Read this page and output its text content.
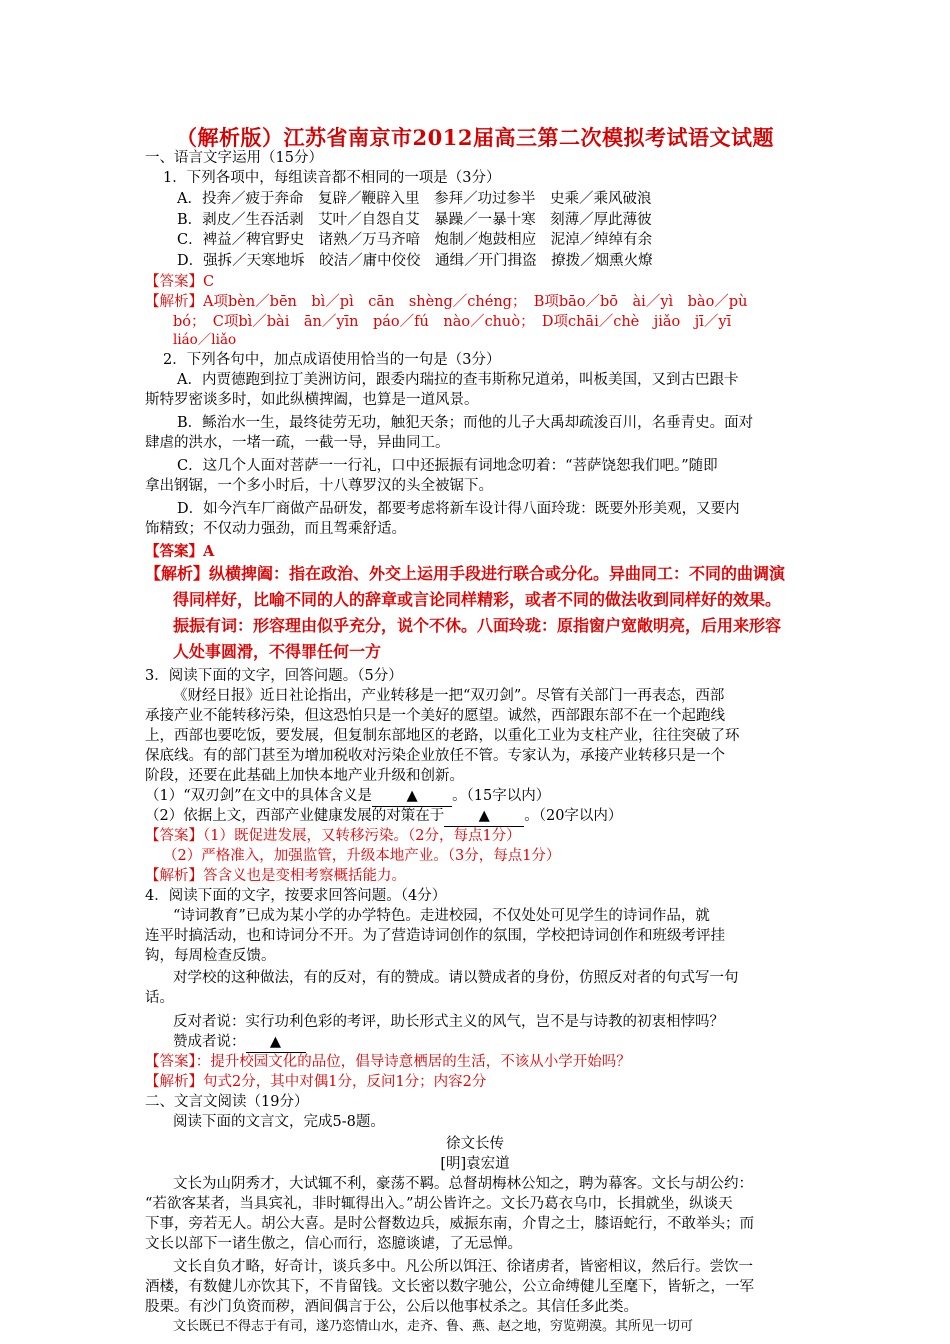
（解析版）江苏省南京市2012届高三第二次模拟考试语文试题
一、语言文字运用（15分）
1．下列各项中，每组读音都不相同的一项是（3分）
A．投奔／疲于奔命　复辟／鞭辟入里　参拜／功过参半　史乘／乘风破浪
B．剥皮／生吞活剥　艾叶／自怨自艾　暴躁／一暴十寒　刻薄／厚此薄彼
C．裨益／稗官野史　诸熟／万马齐喑　炮制／炮鼓相应　泥淖／绰绰有余
D．强拆／天寒地坼　皎洁／庸中佼佼　通缉／开门揖盗　撩拨／烟熏火燎
【答案】C
【解析】A项bèn／bēn　bì／pì　cān　shèng／chéng；　B项bāo／bō　ài／yì　bào／pù
bó；　C项bì／bài　ān／yīn　páo／fú　nào／chuò；　D项chāi／chè　jiǎo　jī／yī
liáo／liǎo
2．下列各句中，加点成语使用恰当的一句是（3分）
A．内贾德跑到拉丁美洲访问，跟委内瑞拉的查韦斯称兄道弟，叫板美国，又到古巴跟卡
斯特罗密谈多时，如此纵横捭阖，也算是一道风景。
B．鲧治水一生，最终徒劳无功，触犯天条；而他的儿子大禹却疏浚百川，名垂青史。面对
肆虐的洪水，一堵一疏，一截一导，异曲同工。
C．这几个人面对菩萨一一行礼，口中还振振有词地念叨着：“菩萨饶恕我们吧。”随即
拿出钢锯，一个多小时后，十八尊罗汉的头全被锯下。
D．如今汽车厂商做产品研发，都要考虑将新车设计得八面玲珑：既要外形美观，又要内
饰精致；不仅动力强劲，而且驾乘舒适。
【答案】A
【解析】纵横捭阖：指在政治、外交上运用手段进行联合或分化。异曲同工：不同的曲调演
得同样好，比喻不同的人的辞章或言论同样精彩，或者不同的做法收到同样好的效果。
振振有词：形容理由似乎充分，说个不休。八面玲珑：原指窗户宽敞明亮，后用来形容
人处事圆滑，不得罪任何一方
3．阅读下面的文字，回答问题。（5分）
《财经日报》近日社论指出，产业转移是一把“双刃剑”。尽管有关部门一再表态，西部
承接产业不能转移污染，但这恐怕只是一个美好的愿望。诚然，西部跟东部不在一个起跑线
上，西部也要吃饭，要发展，但复制东部地区的老路，以重化工业为支柱产业，往往突破了环
保底线。有的部门甚至为增加税收对污染企业放任不管。专家认为，承接产业转移只是一个
阶段，还要在此基础上加快本地产业升级和创新。
（1）“双刃剑”在文中的具体含义是 ▲ 。（15字以内）
（2）依据上文，西部产业健康发展的对策在于 ▲ 。（20字以内）
【答案】（1）既促进发展，又转移污染。（2分，每点1分）
（2）严格准入，加强监管，升级本地产业。（3分，每点1分）
【解析】答含义也是变相考察概括能力。
4．阅读下面的文字，按要求回答问题。（4分）
“诗词教育”已成为某小学的办学特色。走进校园，不仅处处可见学生的诗词作品，就
连平时搞活动，也和诗词分不开。为了营造诗词创作的氛围，学校把诗词创作和班级考评挂
钩，每周检查反馈。
对学校的这种做法，有的反对，有的赞成。请以赞成者的身份，仿照反对者的句式写一句
话。
反对者说：实行功利色彩的考评，助长形式主义的风气，岂不是与诗教的初衷相悖吗？
赞成者说： ▲
【答案】：提升校园文化的品位，倡导诗意栖居的生活，不该从小学开始吗？
【解析】句式2分，其中对偶1分，反问1分；内容2分
二、文言文阅读（19分）
阅读下面的文言文，完成5-8题。
徐文长传
[明]袁宏道
文长为山阴秀才，大试辄不利，豪荡不羁。总督胡梅林公知之，聘为幕客。文长与胡公约：
“若欲客某者，当具宾礼，非时辄得出入。”胡公皆许之。文长乃葛衣乌巾，长揖就坐，纵谈天
下事，旁若无人。胡公大喜。是时公督数边兵，威振东南，介胄之士，膝语蛇行，不敢举头；而
文长以部下一诸生傲之，信心而行，恣臆谈谑，了无忌惮。
文长自负才略，好奇计，谈兵多中。凡公所以饵汪、徐诸虏者，皆密相议，然后行。尝饮一
酒楼，有数健儿亦饮其下，不肯留钱。文长密以数字驰公，公立命缚健儿至麾下，皆斩之，一军
股栗。有沙门负资而秽，酒间偶言于公，公后以他事杖杀之。其信任多此类。
文长既已不得志于有司，遂乃恣情山水，走齐、鲁、燕、赵之地，穷览朔漠。其所见一切可
